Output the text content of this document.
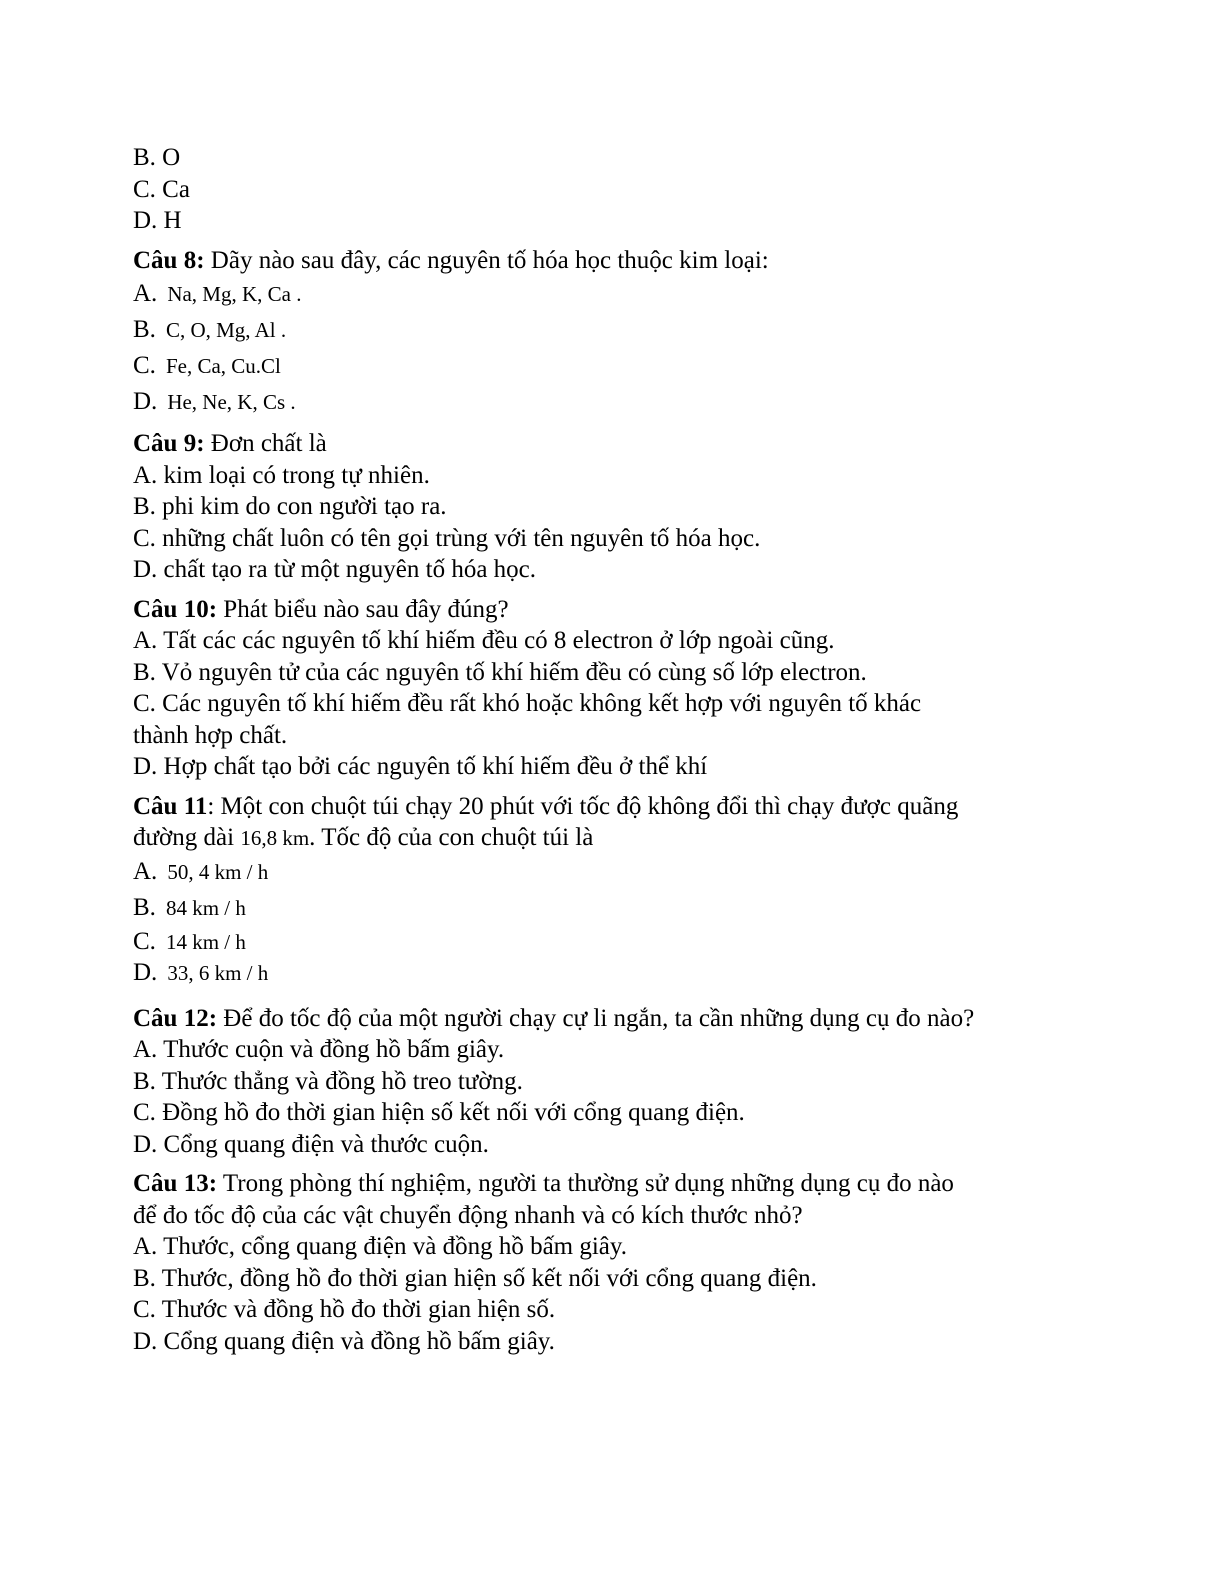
B. O
C. Ca
D. H
Câu 8: Dãy nào sau đây, các nguyên tố hóa học thuộc kim loại:
A. Na, Mg, K, Ca .
B. C, O, Mg, Al .
C. Fe, Ca, Cu.Cl
D. He, Ne, K, Cs .
Câu 9: Đơn chất là
A. kim loại có trong tự nhiên.
B. phi kim do con người tạo ra.
C. những chất luôn có tên gọi trùng với tên nguyên tố hóa học.
D. chất tạo ra từ một nguyên tố hóa học.
Câu 10: Phát biểu nào sau đây đúng?
A. Tất các các nguyên tố khí hiếm đều có 8 electron ở lớp ngoài cũng.
B. Vỏ nguyên tử của các nguyên tố khí hiếm đều có cùng số lớp electron.
C. Các nguyên tố khí hiếm đều rất khó hoặc không kết hợp với nguyên tố khác
thành hợp chất.
D. Hợp chất tạo bởi các nguyên tố khí hiếm đều ở thể khí
Câu 11: Một con chuột túi chạy 20 phút với tốc độ không đổi thì chạy được quãng
đường dài 16,8 km. Tốc độ của con chuột túi là
A. 50, 4 km / h
B. 84 km / h
C. 14 km / h
D. 33, 6 km / h
Câu 12: Để đo tốc độ của một người chạy cự li ngắn, ta cần những dụng cụ đo nào?
A. Thước cuộn và đồng hồ bấm giây.
B. Thước thẳng và đồng hồ treo tường.
C. Đồng hồ đo thời gian hiện số kết nối với cổng quang điện.
D. Cổng quang điện và thước cuộn.
Câu 13: Trong phòng thí nghiệm, người ta thường sử dụng những dụng cụ đo nào
để đo tốc độ của các vật chuyển động nhanh và có kích thước nhỏ?
A. Thước, cổng quang điện và đồng hồ bấm giây.
B. Thước, đồng hồ đo thời gian hiện số kết nối với cổng quang điện.
C. Thước và đồng hồ đo thời gian hiện số.
D. Cổng quang điện và đồng hồ bấm giây.
